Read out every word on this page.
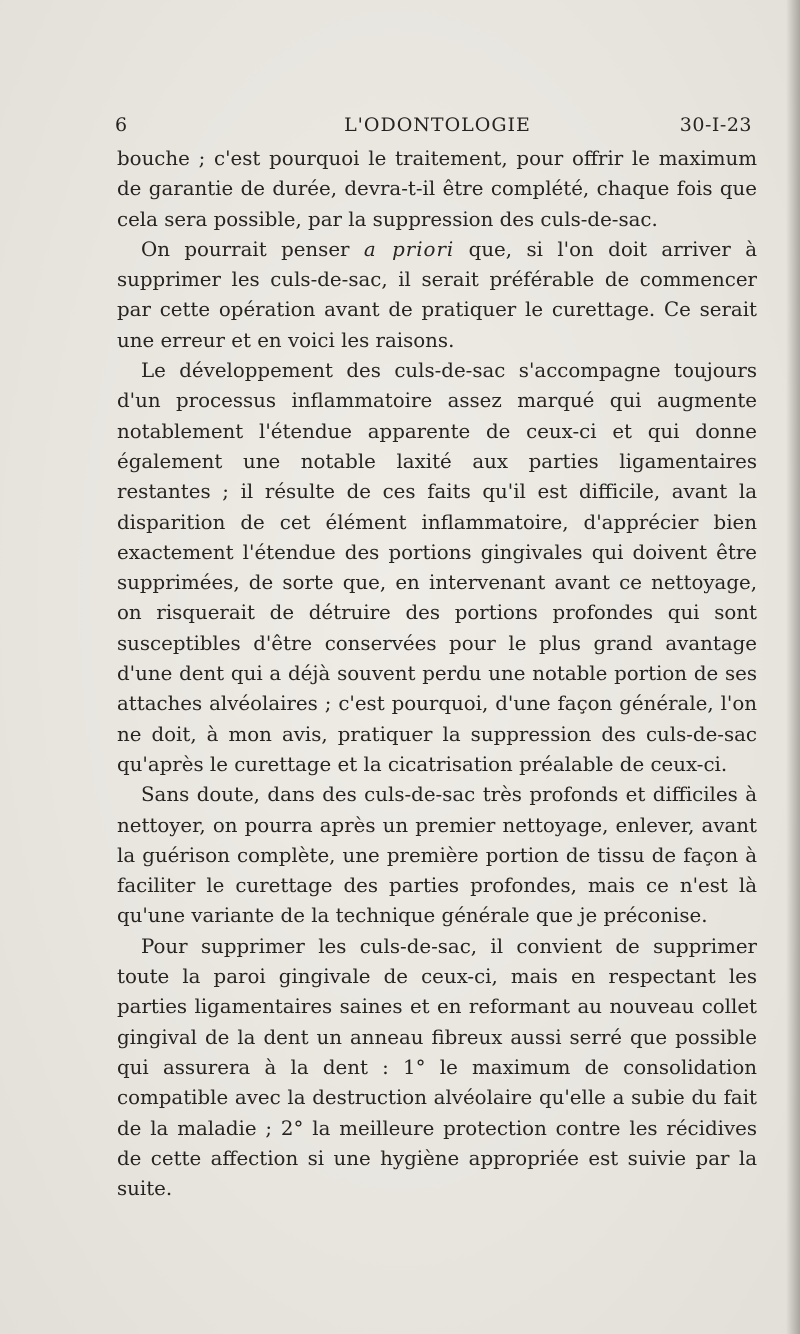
6	L'ODONTOLOGIE	30-I-23

bouche ; c'est pourquoi le traitement, pour offrir le maximum de garantie de durée, devra-t-il être complété, chaque fois que cela sera possible, par la suppression des culs-de-sac.

On pourrait penser a priori que, si l'on doit arriver à supprimer les culs-de-sac, il serait préférable de commencer par cette opération avant de pratiquer le curettage. Ce serait une erreur et en voici les raisons.

Le développement des culs-de-sac s'accompagne toujours d'un processus inflammatoire assez marqué qui augmente notablement l'étendue apparente de ceux-ci et qui donne également une notable laxité aux parties ligamentaires restantes ; il résulte de ces faits qu'il est difficile, avant la disparition de cet élément inflammatoire, d'apprécier bien exactement l'étendue des portions gingivales qui doivent être supprimées, de sorte que, en intervenant avant ce nettoyage, on risquerait de détruire des portions profondes qui sont susceptibles d'être conservées pour le plus grand avantage d'une dent qui a déjà souvent perdu une notable portion de ses attaches alvéolaires ; c'est pourquoi, d'une façon générale, l'on ne doit, à mon avis, pratiquer la suppression des culs-de-sac qu'après le curettage et la cicatrisation préalable de ceux-ci.

Sans doute, dans des culs-de-sac très profonds et difficiles à nettoyer, on pourra après un premier nettoyage, enlever, avant la guérison complète, une première portion de tissu de façon à faciliter le curettage des parties profondes, mais ce n'est là qu'une variante de la technique générale que je préconise.

Pour supprimer les culs-de-sac, il convient de supprimer toute la paroi gingivale de ceux-ci, mais en respectant les parties ligamentaires saines et en reformant au nouveau collet gingival de la dent un anneau fibreux aussi serré que possible qui assurera à la dent : 1° le maximum de consolidation compatible avec la destruction alvéolaire qu'elle a subie du fait de la maladie ; 2° la meilleure protection contre les récidives de cette affection si une hygiène appropriée est suivie par la suite.
